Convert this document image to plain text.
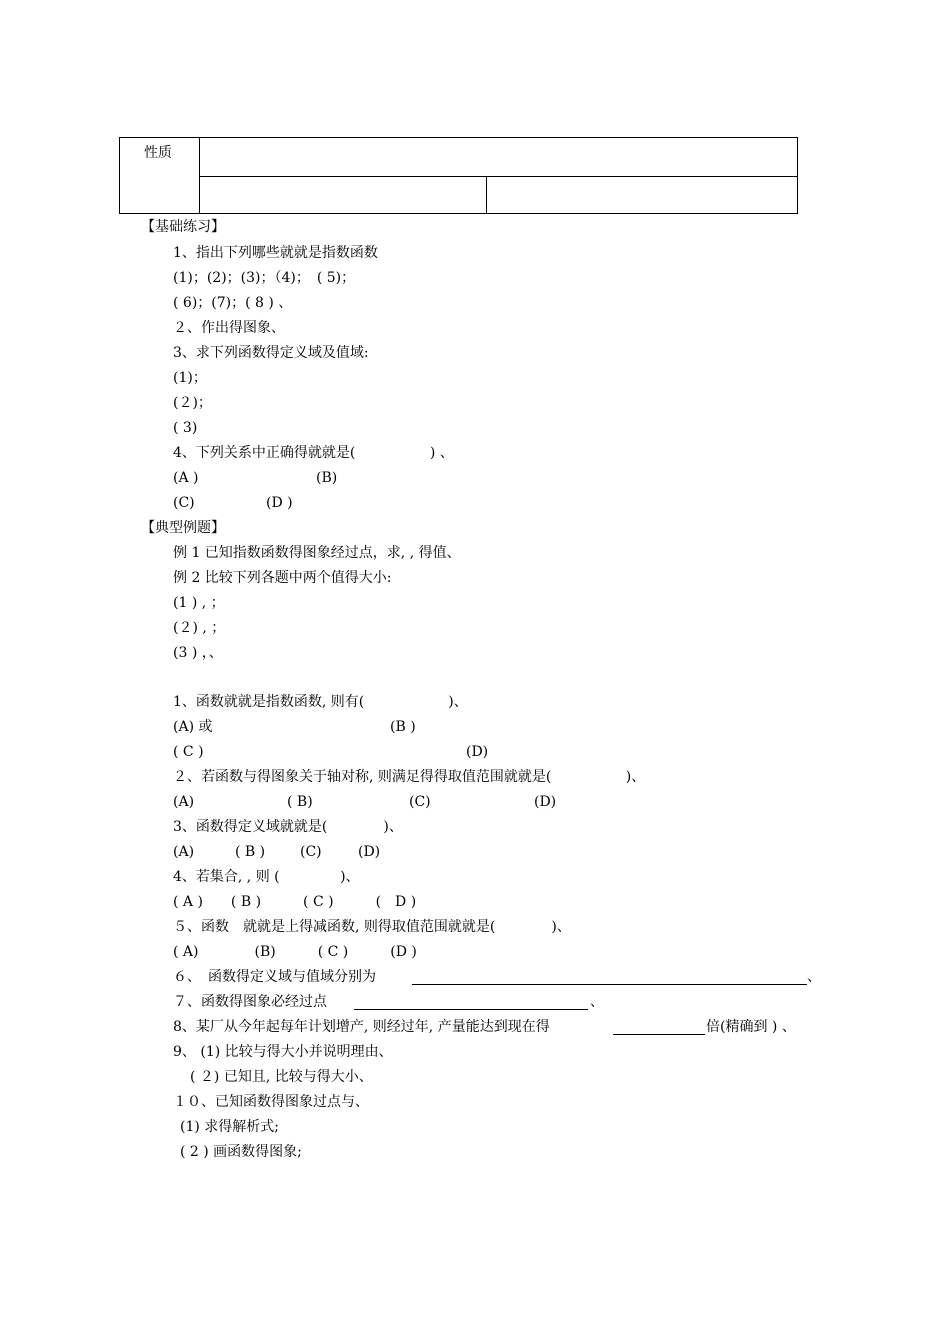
性质
【基础练习】
1、指出下列哪些就就是指数函数
(1)；(2)；(3)；（4)；　( 5)；
( 6)；(7)；( 8 ) 、
２、作出得图象、
3、求下列函数得定义域及值域:
(1)；
(２)；
( 3)
4、下列关系中正确得就就是(　　　　　 ) 、
(A )	(B)
(C)	(D )
【典型例题】
例 1 已知指数函数得图象经过点，求, , 得值、
例 2 比较下列各题中两个值得大小:
(1 ) , ；
(２) , ；
(3 ) ，、
1、函数就就是指数函数, 则有(　　　　　　)、
(A) 或	(B )
( C )	(D)
２、若函数与得图象关于轴对称, 则满足得得取值范围就就是(　　　　　 )、
(A)	( B)	(C)	(D)
3、函数得定义域就就是(　　　　)、
(A)	( B ) (C)	(D)
4、若集合, , 则 (　　　　 )、
( A )　　( B )　　　( C )　　　(　D )
５、函数　就就是上得减函数, 则得取值范围就就是(　　　　)、
( A)　　　　(B)　　　( C )　　　(D )
６、　函数得定义域与值域分别为	、
７、函数得图象必经过点	、
8、某厂从今年起每年计划增产, 则经过年, 产量能达到现在得	倍(精确到 ) 、
9、 (1) 比较与得大小并说明理由、
( ２) 已知且, 比较与得大小、
１０、已知函数得图象过点与、
(1) 求得解析式;
( 2 ) 画函数得图象;
